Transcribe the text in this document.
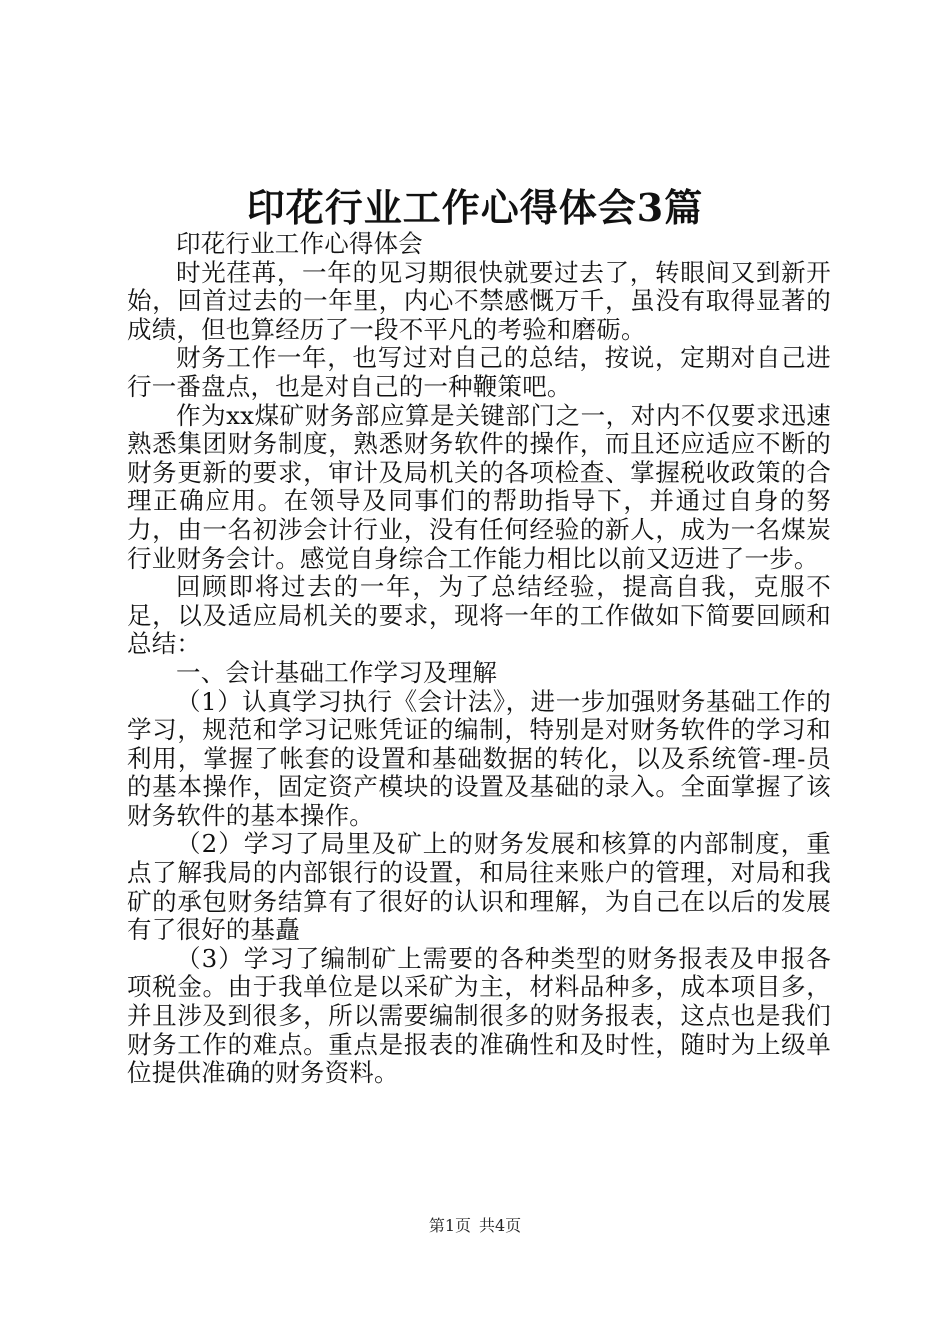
印花行业工作心得体会3篇

印花行业工作心得体会

时光荏苒，一年的见习期很快就要过去了，转眼间又到新开始，回首过去的一年里，内心不禁感慨万千，虽没有取得显著的成绩，但也算经历了一段不平凡的考验和磨砺。

财务工作一年，也写过对自己的总结，按说，定期对自己进行一番盘点，也是对自己的一种鞭策吧。

作为xx煤矿财务部应算是关键部门之一，对内不仅要求迅速熟悉集团财务制度，熟悉财务软件的操作，而且还应适应不断的财务更新的要求，审计及局机关的各项检查、掌握税收政策的合理正确应用。在领导及同事们的帮助指导下，并通过自身的努力，由一名初涉会计行业，没有任何经验的新人，成为一名煤炭行业财务会计。感觉自身综合工作能力相比以前又迈进了一步。

回顾即将过去的一年，为了总结经验，提高自我，克服不足，以及适应局机关的要求，现将一年的工作做如下简要回顾和总结：

一、会计基础工作学习及理解

（1）认真学习执行《会计法》，进一步加强财务基础工作的学习，规范和学习记账凭证的编制，特别是对财务软件的学习和利用，掌握了帐套的设置和基础数据的转化，以及系统管-理-员的基本操作，固定资产模块的设置及基础的录入。全面掌握了该财务软件的基本操作。

（2）学习了局里及矿上的财务发展和核算的内部制度，重点了解我局的内部银行的设置，和局往来账户的管理，对局和我矿的承包财务结算有了很好的认识和理解，为自己在以后的发展有了很好的基矗

（3）学习了编制矿上需要的各种类型的财务报表及申报各项税金。由于我单位是以采矿为主，材料品种多，成本项目多，并且涉及到很多，所以需要编制很多的财务报表，这点也是我们财务工作的难点。重点是报表的准确性和及时性，随时为上级单位提供准确的财务资料。

第1页 共4页
